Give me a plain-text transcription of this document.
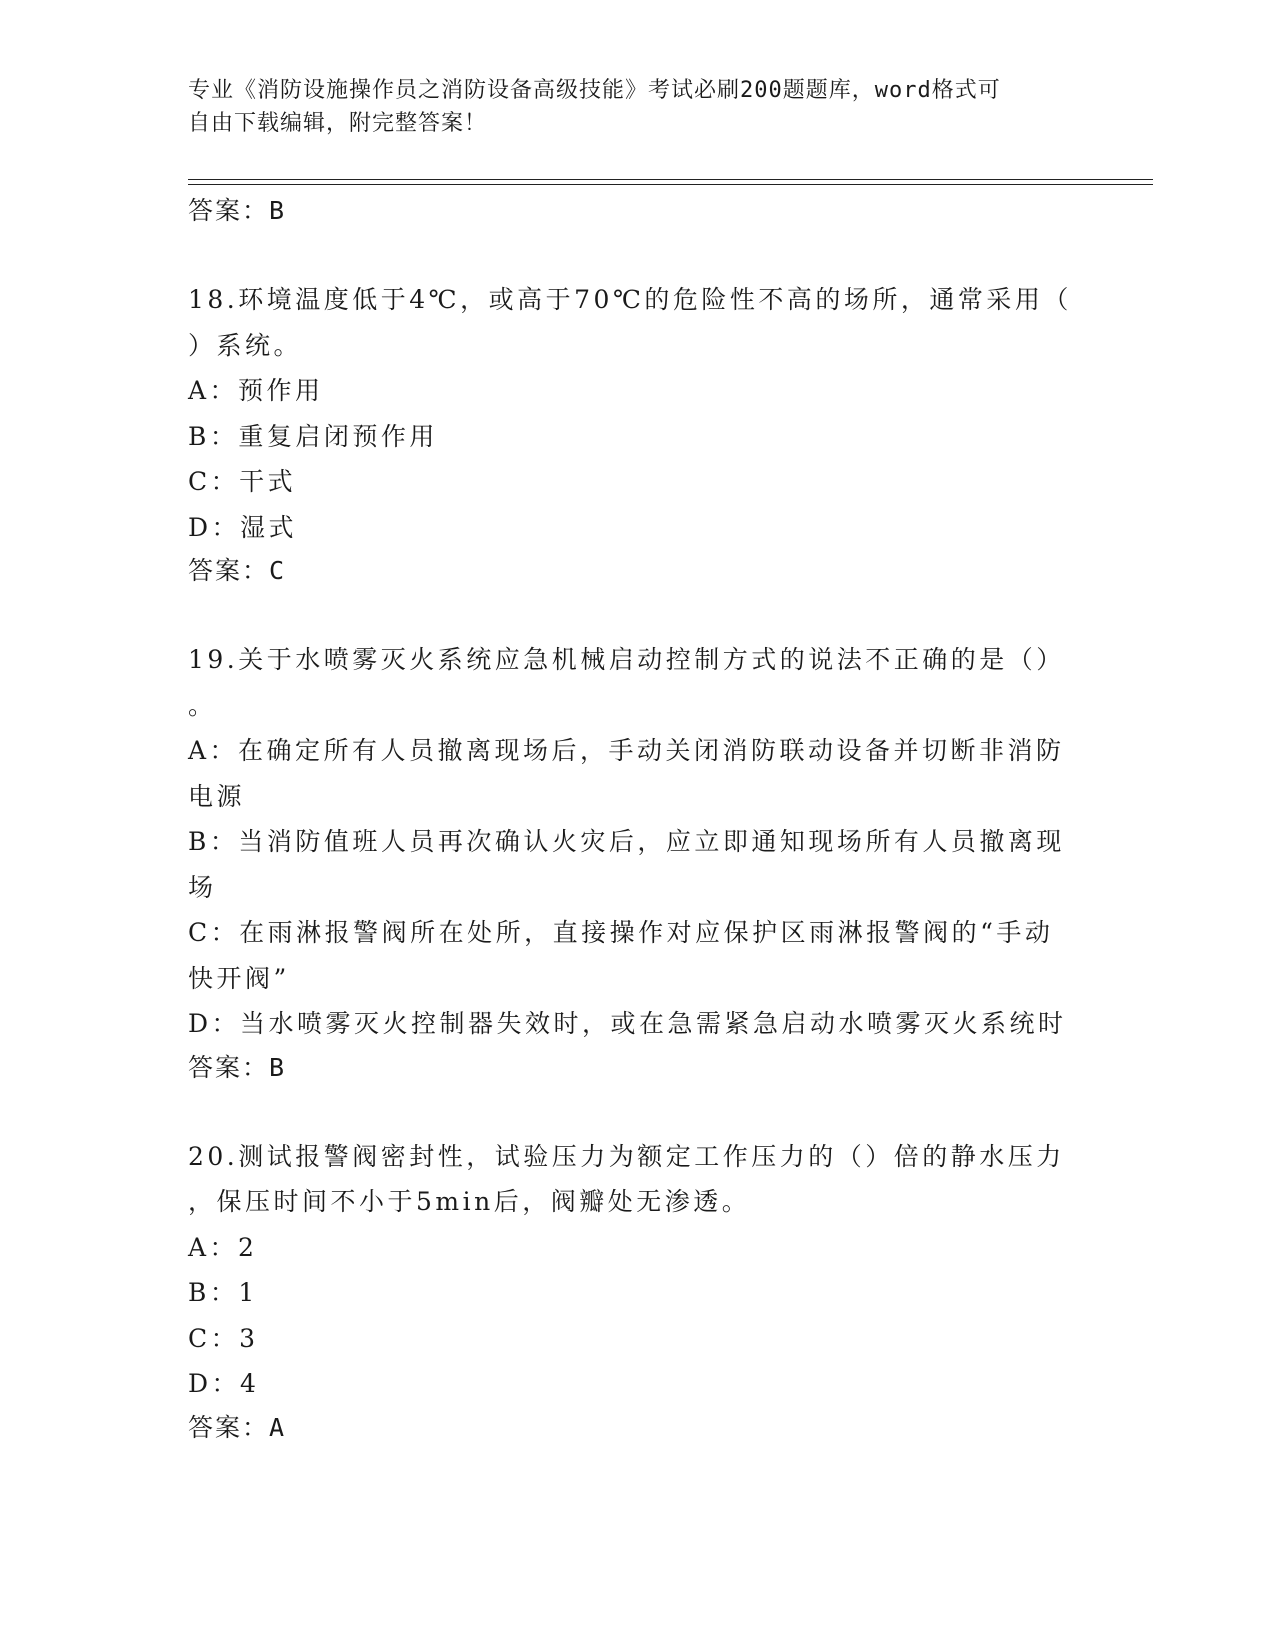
专业《消防设施操作员之消防设备高级技能》考试必刷200题题库，word格式可
自由下载编辑，附完整答案！
答案：B
18.环境温度低于4℃，或高于70℃的危险性不高的场所，通常采用（
）系统。
A：预作用
B：重复启闭预作用
C：干式
D：湿式
答案：C
19.关于水喷雾灭火系统应急机械启动控制方式的说法不正确的是（）
。
A：在确定所有人员撤离现场后，手动关闭消防联动设备并切断非消防
电源
B：当消防值班人员再次确认火灾后，应立即通知现场所有人员撤离现
场
C：在雨淋报警阀所在处所，直接操作对应保护区雨淋报警阀的“手动
快开阀”
D：当水喷雾灭火控制器失效时，或在急需紧急启动水喷雾灭火系统时
答案：B
20.测试报警阀密封性，试验压力为额定工作压力的（）倍的静水压力
，保压时间不小于5min后，阀瓣处无渗透。
A：2
B：1
C：3
D：4
答案：A
